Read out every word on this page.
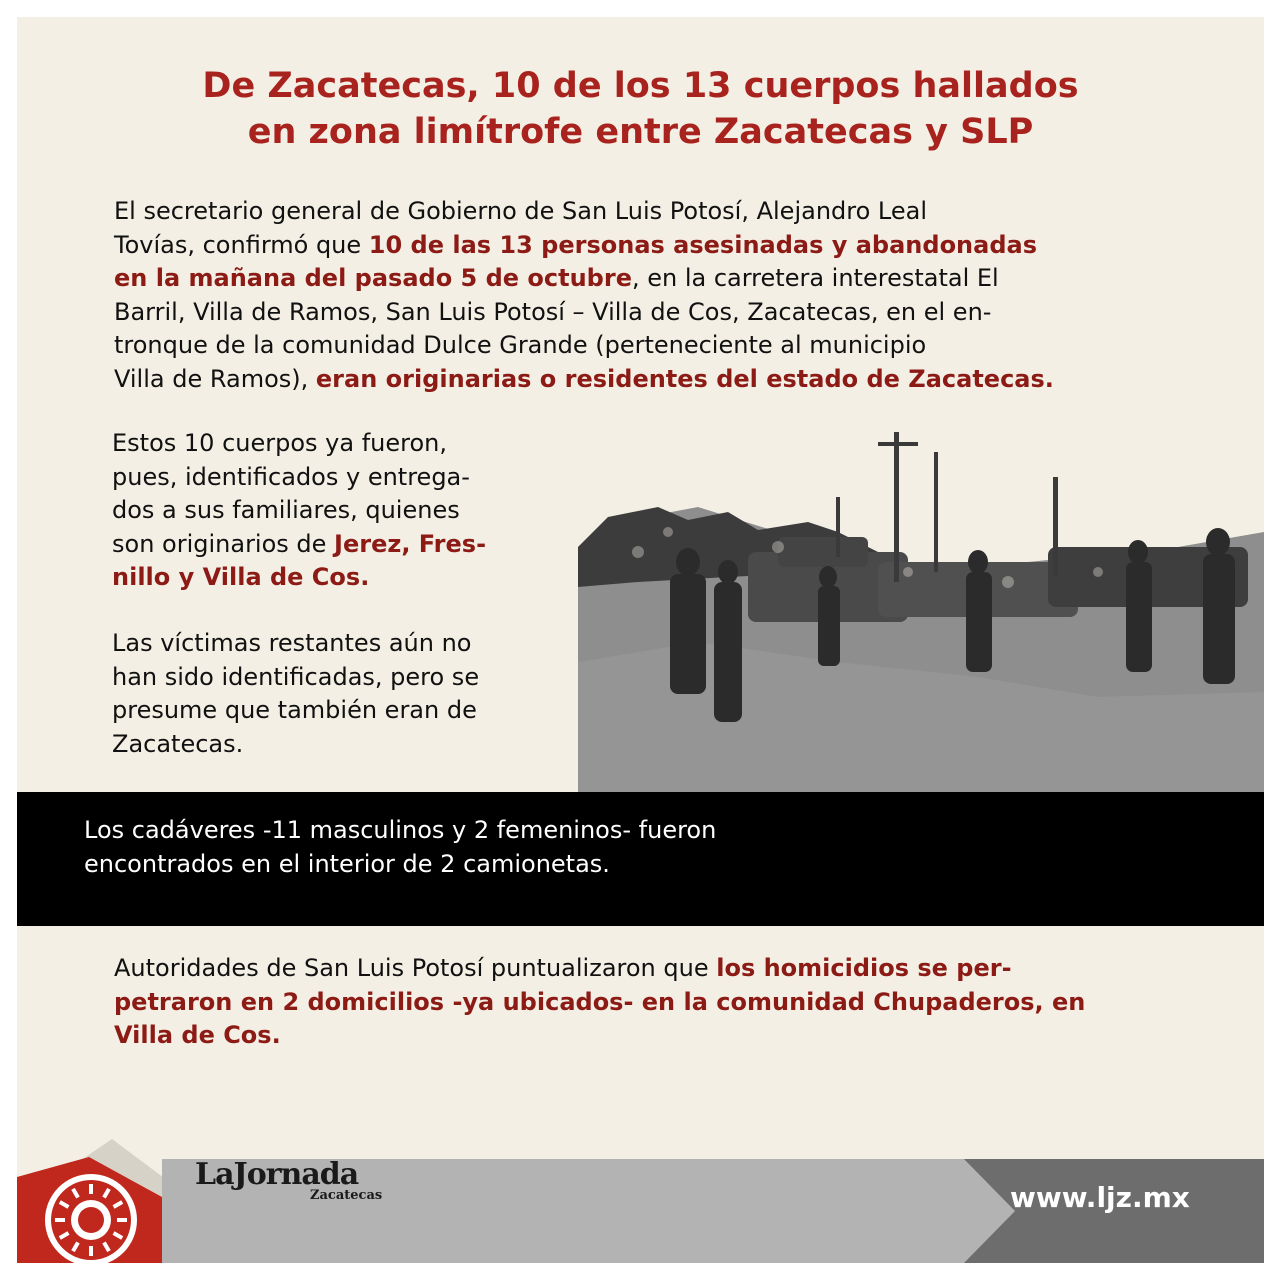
De Zacatecas, 10 de los 13 cuerpos hallados
en zona limítrofe entre Zacatecas y SLP
El secretario general de Gobierno de San Luis Potosí, Alejandro Leal
Tovías, confirmó que 10 de las 13 personas asesinadas y abandonadas
en la mañana del pasado 5 de octubre, en la carretera interestatal El
Barril, Villa de Ramos, San Luis Potosí – Villa de Cos, Zacatecas, en el en-
tronque de la comunidad Dulce Grande (perteneciente al municipio
Villa de Ramos), eran originarias o residentes del estado de Zacatecas.
Estos 10 cuerpos ya fueron,
pues, identificados y entrega-
dos a sus familiares, quienes
son originarios de Jerez, Fres-
nillo y Villa de Cos.
Las víctimas restantes aún no
han sido identificadas, pero se
presume que también eran de
Zacatecas.
Los cadáveres -11 masculinos y 2 femeninos- fueron
encontrados en el interior de 2 camionetas.
Autoridades de San Luis Potosí puntualizaron que los homicidios se per-
petraron en 2 domicilios -ya ubicados- en la comunidad Chupaderos, en
Villa de Cos.
LaJornada
Zacatecas	www.ljz.mx
